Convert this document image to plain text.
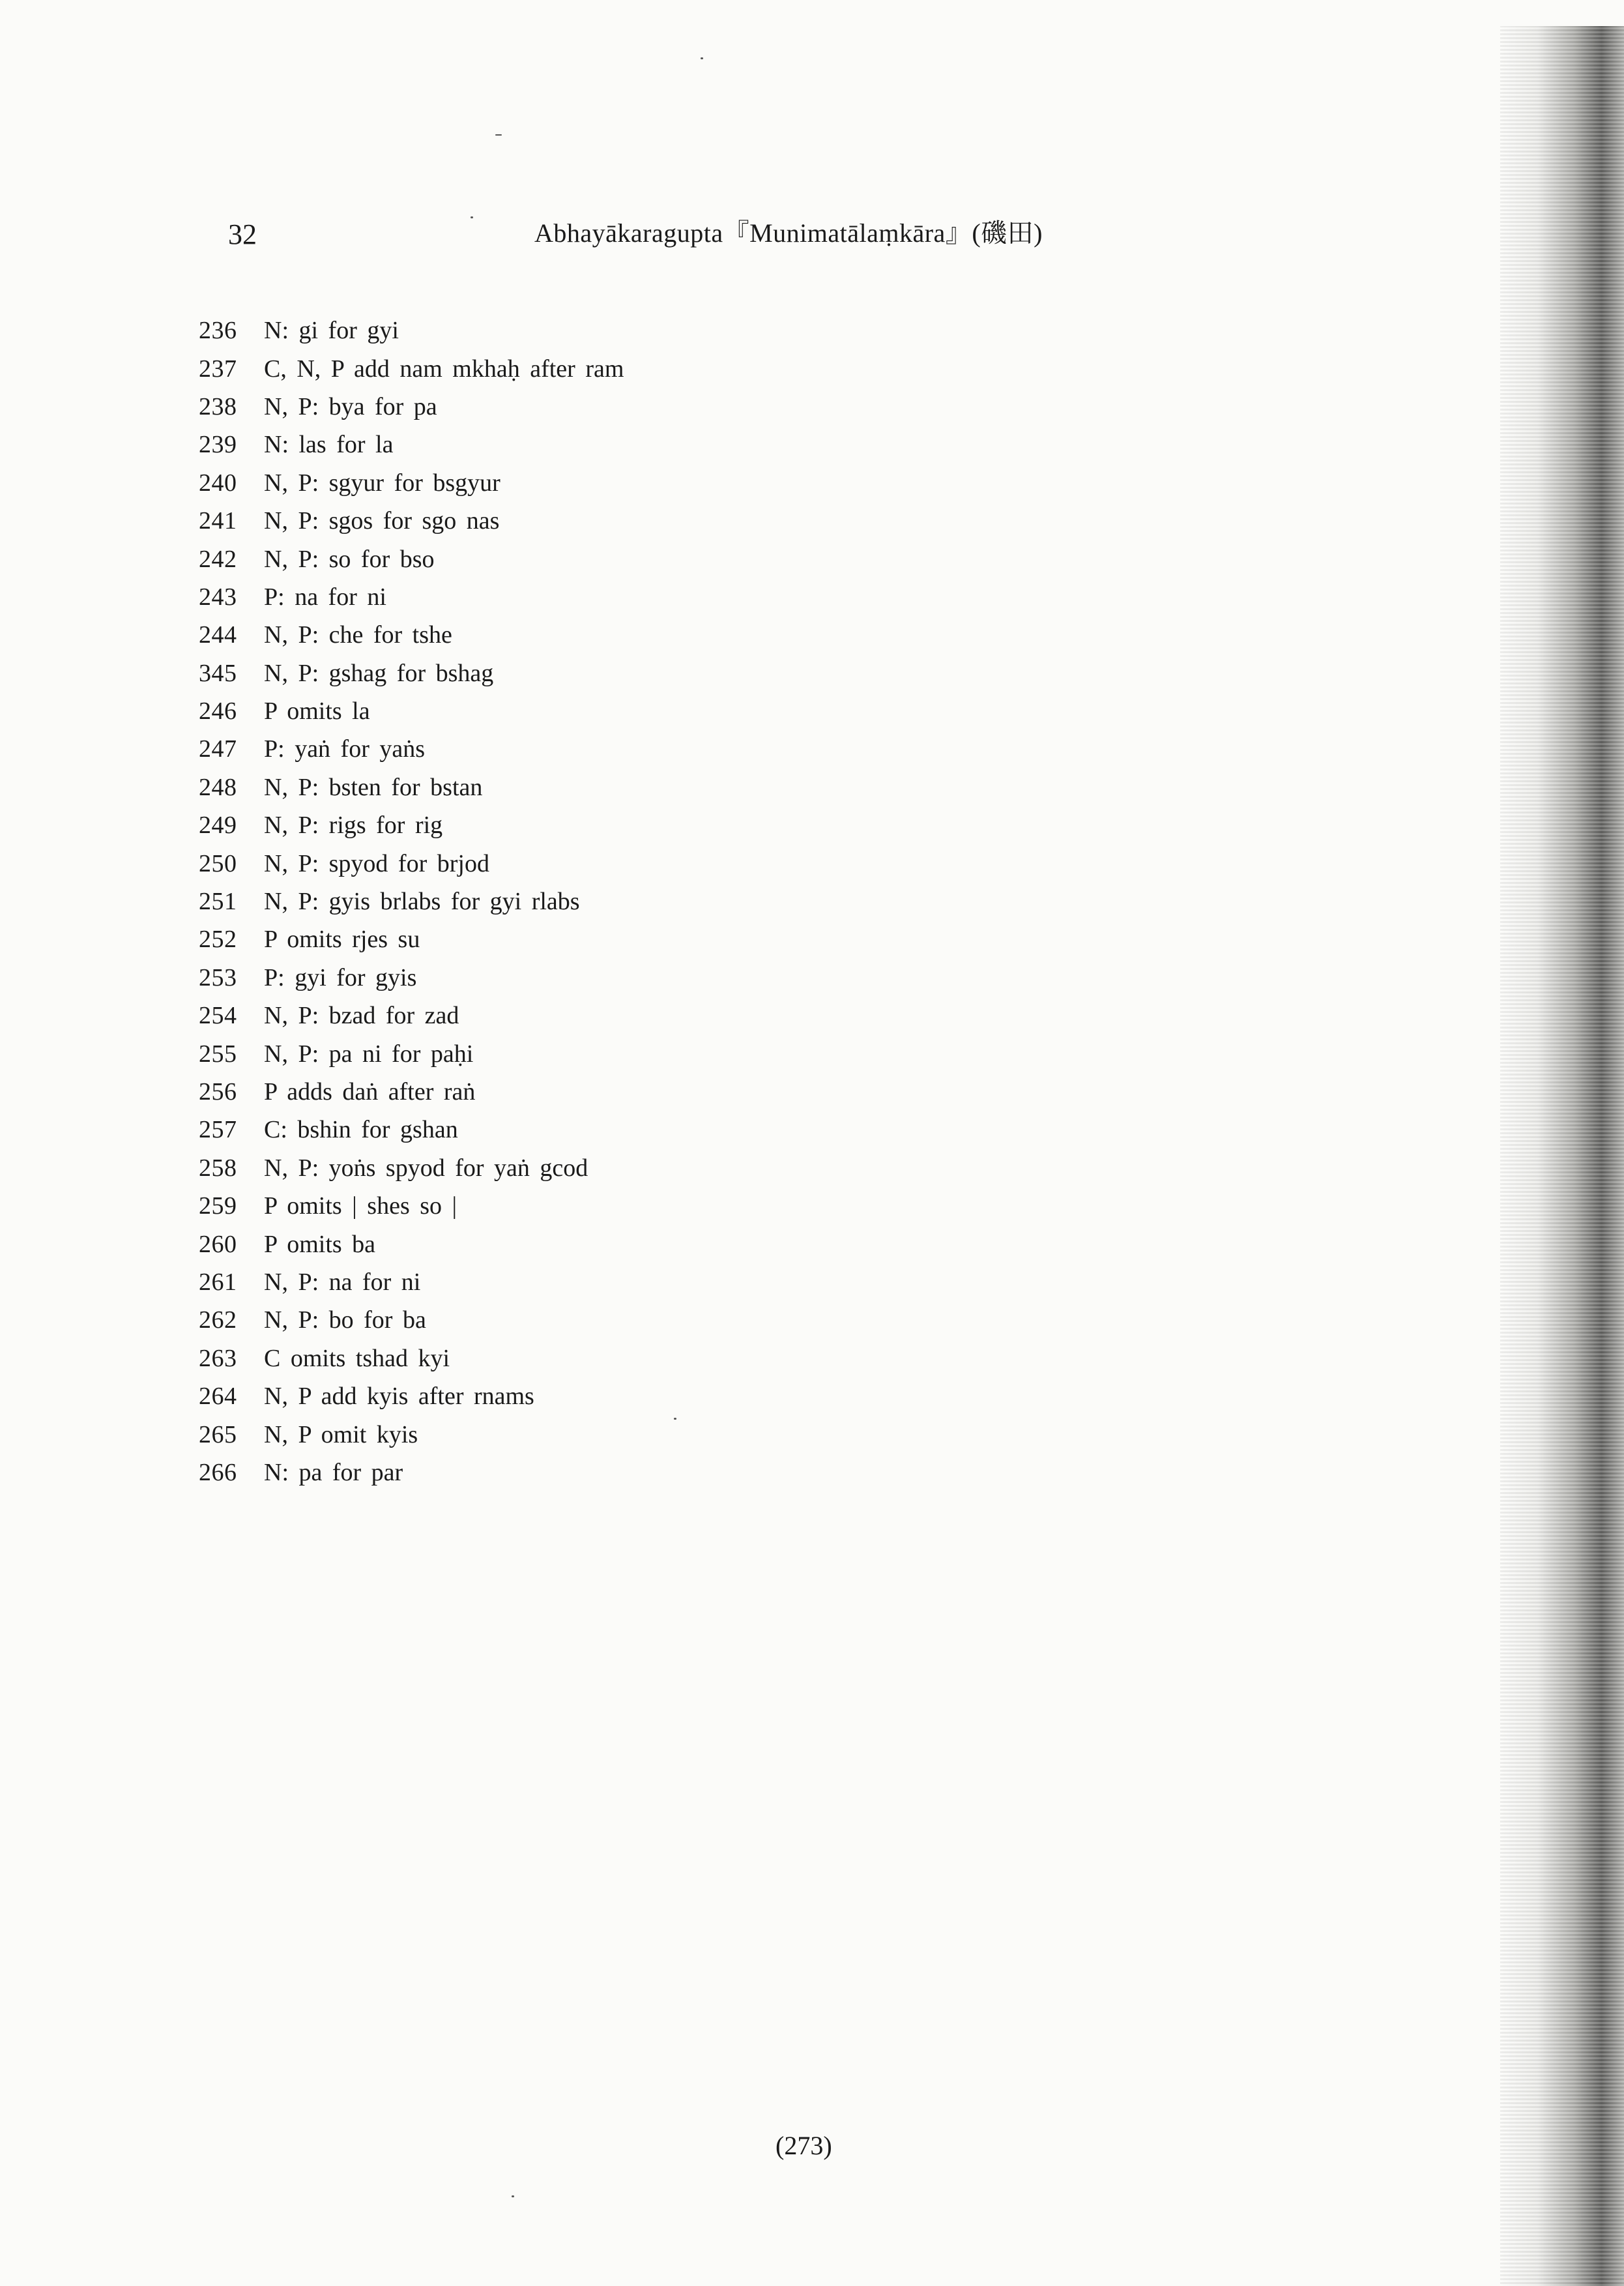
32	Abhayākaragupta『Munimatālaṃkāra』(磯田)
236	N: gi for gyi
237	C, N, P add nam mkhaḥ after ram
238	N, P: bya for pa
239	N: las for la
240	N, P: sgyur for bsgyur
241	N, P: sgos for sgo nas
242	N, P: so for bso
243	P: na for ni
244	N, P: che for tshe
345	N, P: gshag for bshag
246	P omits la
247	P: yaṅ for yaṅs
248	N, P: bsten for bstan
249	N, P: rigs for rig
250	N, P: spyod for brjod
251	N, P: gyis brlabs for gyi rlabs
252	P omits rjes su
253	P: gyi for gyis
254	N, P: bzad for zad
255	N, P: pa ni for paḥi
256	P adds daṅ after raṅ
257	C: bshin for gshan
258	N, P: yoṅs spyod for yaṅ gcod
259	P omits | shes so |
260	P omits ba
261	N, P: na for ni
262	N, P: bo for ba
263	C omits tshad kyi
264	N, P add kyis after rnams
265	N, P omit kyis
266	N: pa for par
(273)
